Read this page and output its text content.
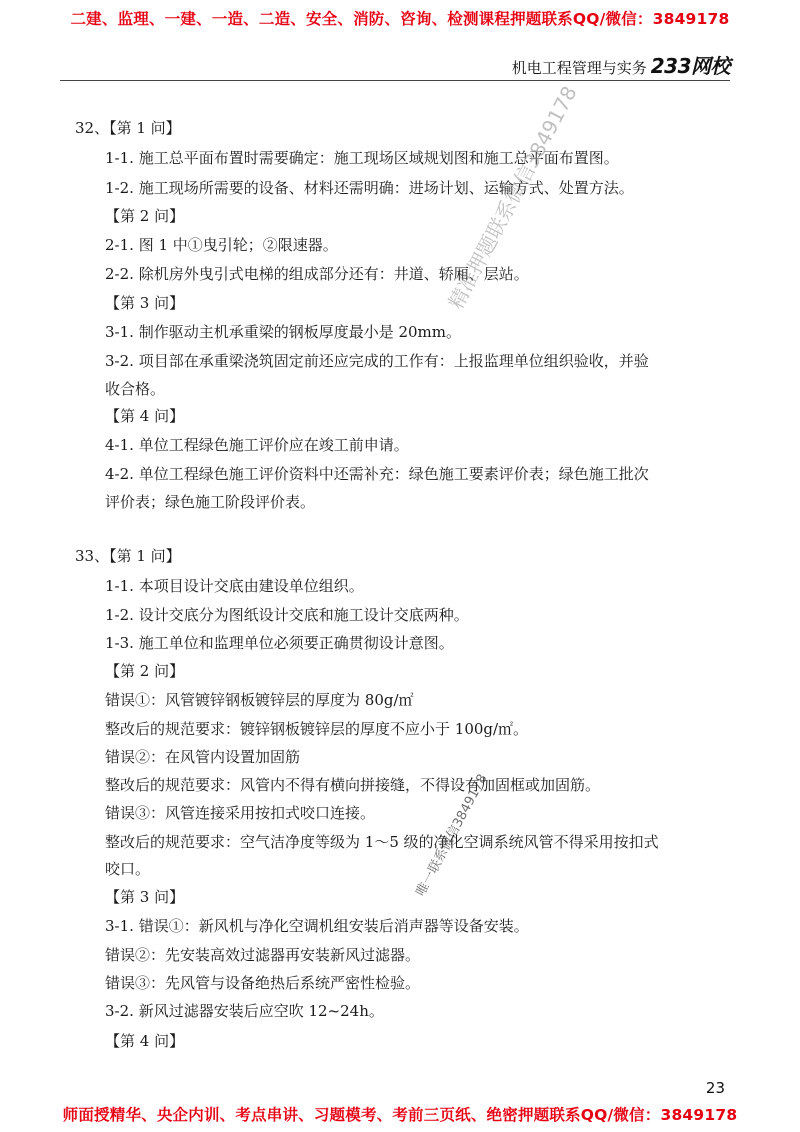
二建、监理、一建、一造、二造、安全、消防、咨询、检测课程押题联系QQ/微信：3849178
机电工程管理与实务 233网校
32、【第 1 问】
1-1. 施工总平面布置时需要确定：施工现场区域规划图和施工总平面布置图。
1-2. 施工现场所需要的设备、材料还需明确：进场计划、运输方式、处置方法。
【第 2 问】
2-1. 图 1 中①曳引轮；②限速器。
2-2. 除机房外曳引式电梯的组成部分还有：井道、轿厢、层站。
【第 3 问】
3-1. 制作驱动主机承重梁的钢板厚度最小是 20mm。
3-2. 项目部在承重梁浇筑固定前还应完成的工作有：上报监理单位组织验收，并验
收合格。
【第 4 问】
4-1. 单位工程绿色施工评价应在竣工前申请。
4-2. 单位工程绿色施工评价资料中还需补充：绿色施工要素评价表；绿色施工批次
评价表；绿色施工阶段评价表。
33、【第 1 问】
1-1. 本项目设计交底由建设单位组织。
1-2. 设计交底分为图纸设计交底和施工设计交底两种。
1-3. 施工单位和监理单位必须要正确贯彻设计意图。
【第 2 问】
错误①：风管镀锌钢板镀锌层的厚度为 80g/㎡
整改后的规范要求：镀锌钢板镀锌层的厚度不应小于 100g/㎡。
错误②：在风管内设置加固筋
整改后的规范要求：风管内不得有横向拼接缝，不得设有加固框或加固筋。
错误③：风管连接采用按扣式咬口连接。
整改后的规范要求：空气洁净度等级为 1～5 级的净化空调系统风管不得采用按扣式
咬口。
【第 3 问】
3-1. 错误①：新风机与净化空调机组安装后消声器等设备安装。
错误②：先安装高效过滤器再安装新风过滤器。
错误③：先风管与设备绝热后系统严密性检验。
3-2. 新风过滤器安装后应空吹 12~24h。
【第 4 问】
精准押题联系微信3849178
唯一联系微信3849178
23
师面授精华、央企内训、考点串讲、习题模考、考前三页纸、绝密押题联系QQ/微信：3849178
